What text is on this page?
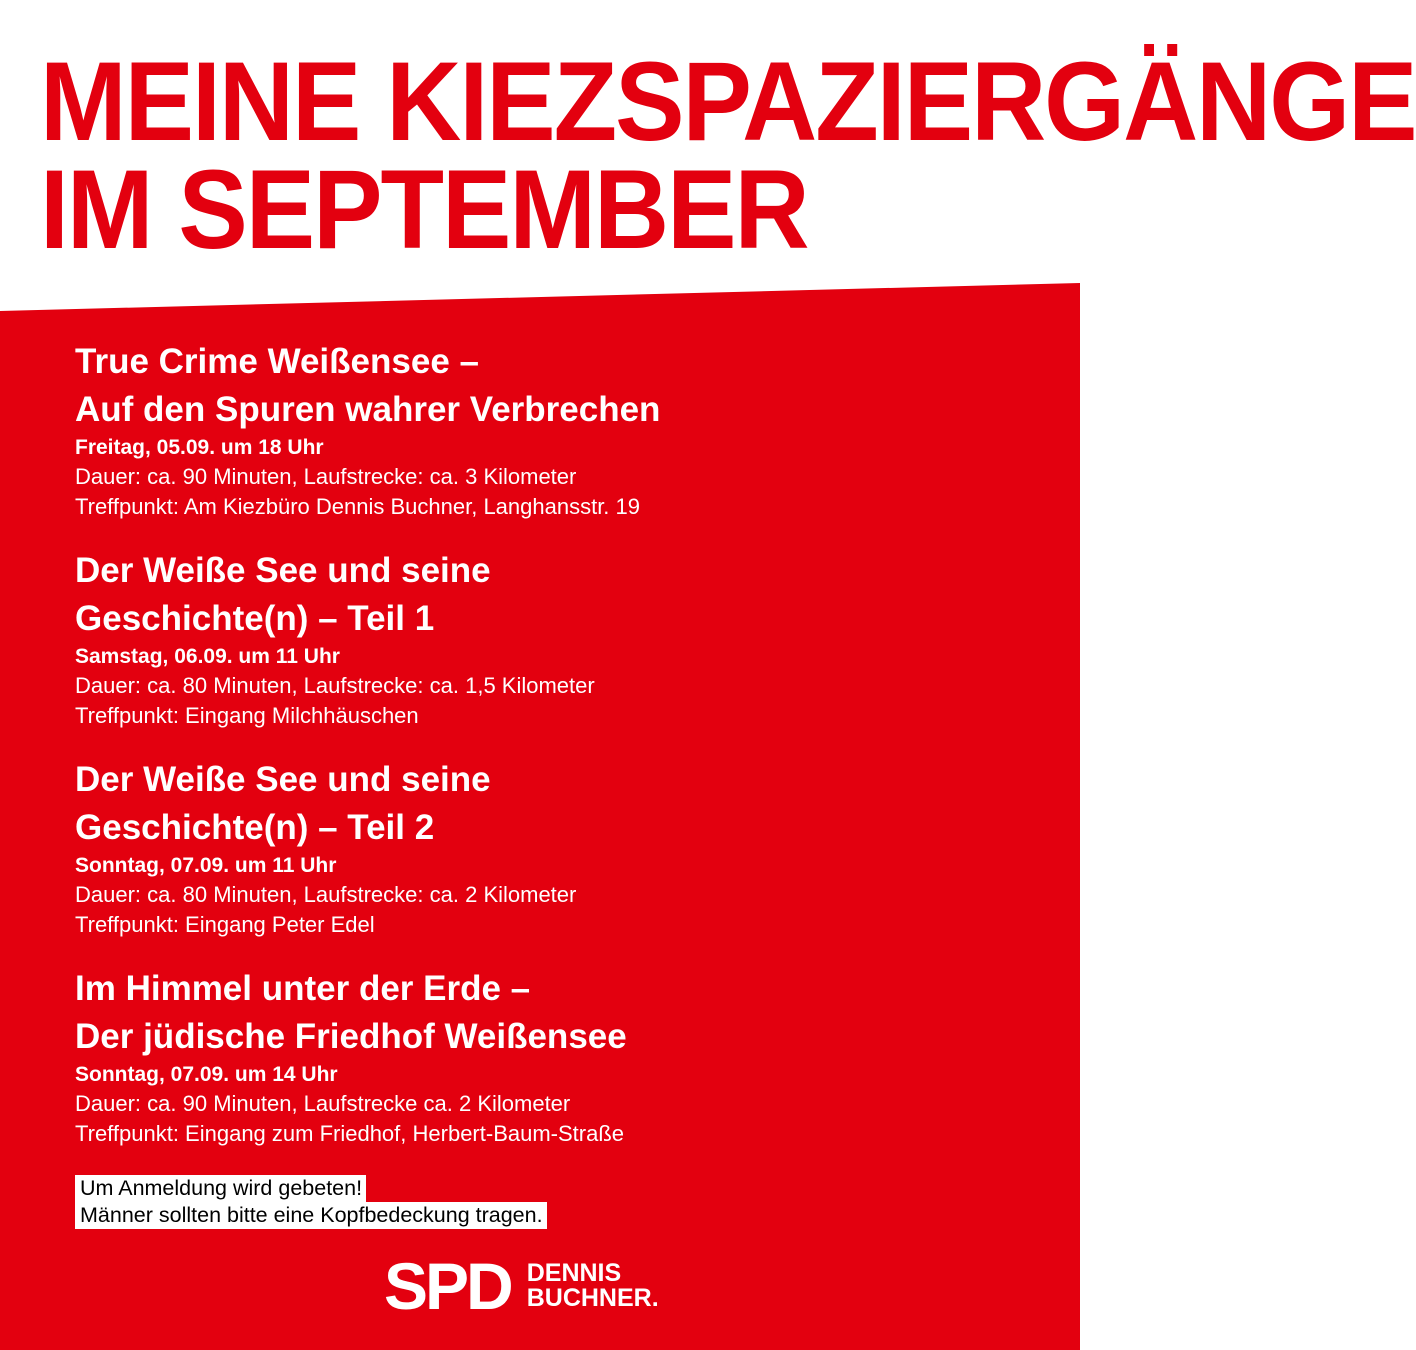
MEINE KIEZSPAZIERGÄNGE
IM SEPTEMBER
True Crime Weißensee –
Auf den Spuren wahrer Verbrechen
Freitag, 05.09. um 18 Uhr
Dauer: ca. 90 Minuten, Laufstrecke: ca. 3 Kilometer
Treffpunkt: Am Kiezbüro Dennis Buchner, Langhansstr. 19
Der Weiße See und seine
Geschichte(n) – Teil 1
Samstag, 06.09. um 11 Uhr
Dauer: ca. 80 Minuten, Laufstrecke: ca. 1,5 Kilometer
Treffpunkt: Eingang Milchhäuschen
Der Weiße See und seine
Geschichte(n) – Teil 2
Sonntag, 07.09. um 11 Uhr
Dauer: ca. 80 Minuten, Laufstrecke: ca. 2 Kilometer
Treffpunkt: Eingang Peter Edel
Im Himmel unter der Erde –
Der jüdische Friedhof Weißensee
Sonntag, 07.09. um 14 Uhr
Dauer: ca. 90 Minuten, Laufstrecke ca. 2 Kilometer
Treffpunkt: Eingang zum Friedhof, Herbert-Baum-Straße
Um Anmeldung wird gebeten!
Männer sollten bitte eine Kopfbedeckung tragen.
SPD DENNIS
BUCHNER.
